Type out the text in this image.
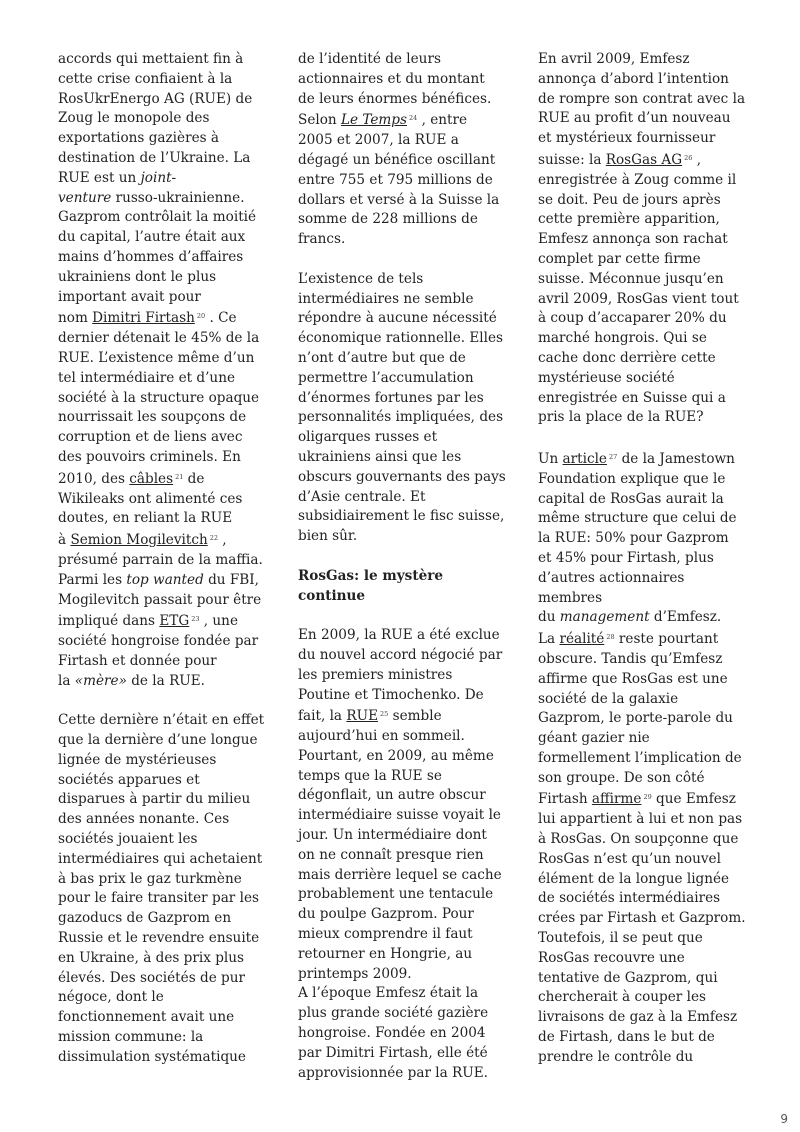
accords qui mettaient fin à
cette crise confiaient à la
RosUkrEnergo AG (RUE) de
Zoug le monopole des
exportations gazières à
destination de l’Ukraine. La
RUE est un joint-
venture russo-ukrainienne.
Gazprom contrôlait la moitié
du capital, l’autre était aux
mains d’hommes d’affaires
ukrainiens dont le plus
important avait pour
nom Dimitri Firtash $^{20}$ . Ce
dernier détenait le 45% de la
RUE. L’existence même d’un
tel intermédiaire et d’une
société à la structure opaque
nourrissait les soupçons de
corruption et de liens avec
des pouvoirs criminels. En
2010, des câbles $^{21}$ de
Wikileaks ont alimenté ces
doutes, en reliant la RUE
à Semion Mogilevitch $^{22}$ ,
présumé parrain de la maffia.
Parmi les top wanted du FBI,
Mogilevitch passait pour être
impliqué dans ETG $^{23}$ , une
société hongroise fondée par
Firtash et donnée pour
la «mère» de la RUE.
Cette dernière n’était en effet
que la dernière d’une longue
lignée de mystérieuses
sociétés apparues et
disparues à partir du milieu
des années nonante. Ces
sociétés jouaient les
intermédiaires qui achetaient
à bas prix le gaz turkmène
pour le faire transiter par les
gazoducs de Gazprom en
Russie et le revendre ensuite
en Ukraine, à des prix plus
élevés. Des sociétés de pur
négoce, dont le
fonctionnement avait une
mission commune: la
dissimulation systématique
de l’identité de leurs
actionnaires et du montant
de leurs énormes bénéfices.
Selon Le Temps $^{24}$ , entre
2005 et 2007, la RUE a
dégagé un bénéfice oscillant
entre 755 et 795 millions de
dollars et versé à la Suisse la
somme de 228 millions de
francs.
L’existence de tels
intermédiaires ne semble
répondre à aucune nécessité
économique rationnelle. Elles
n’ont d’autre but que de
permettre l’accumulation
d’énormes fortunes par les
personnalités impliquées, des
oligarques russes et
ukrainiens ainsi que les
obscurs gouvernants des pays
d’Asie centrale. Et
subsidiairement le fisc suisse,
bien sûr.
RosGas: le mystère
continue
En 2009, la RUE a été exclue
du nouvel accord négocié par
les premiers ministres
Poutine et Timochenko. De
fait, la RUE $^{25}$ semble
aujourd’hui en sommeil.
Pourtant, en 2009, au même
temps que la RUE se
dégonflait, un autre obscur
intermédiaire suisse voyait le
jour. Un intermédiaire dont
on ne connaît presque rien
mais derrière lequel se cache
probablement une tentacule
du poulpe Gazprom. Pour
mieux comprendre il faut
retourner en Hongrie, au
printemps 2009.
A l’époque Emfesz était la
plus grande société gazière
hongroise. Fondée en 2004
par Dimitri Firtash, elle été
approvisionnée par la RUE.
En avril 2009, Emfesz
annonça d’abord l’intention
de rompre son contrat avec la
RUE au profit d’un nouveau
et mystérieux fournisseur
suisse: la RosGas AG $^{26}$ ,
enregistrée à Zoug comme il
se doit. Peu de jours après
cette première apparition,
Emfesz annonça son rachat
complet par cette firme
suisse. Méconnue jusqu’en
avril 2009, RosGas vient tout
à coup d’accaparer 20% du
marché hongrois. Qui se
cache donc derrière cette
mystérieuse société
enregistrée en Suisse qui a
pris la place de la RUE?
Un article $^{27}$ de la Jamestown
Foundation explique que le
capital de RosGas aurait la
même structure que celui de
la RUE: 50% pour Gazprom
et 45% pour Firtash, plus
d’autres actionnaires
membres
du management d’Emfesz.
La réalité $^{28}$ reste pourtant
obscure. Tandis qu’Emfesz
affirme que RosGas est une
société de la galaxie
Gazprom, le porte-parole du
géant gazier nie
formellement l’implication de
son groupe. De son côté
Firtash affirme $^{29}$ que Emfesz
lui appartient à lui et non pas
à RosGas. On soupçonne que
RosGas n’est qu’un nouvel
élément de la longue lignée
de sociétés intermédiaires
crées par Firtash et Gazprom.
Toutefois, il se peut que
RosGas recouvre une
tentative de Gazprom, qui
chercherait à couper les
livraisons de gaz à la Emfesz
de Firtash, dans le but de
prendre le contrôle du
9
